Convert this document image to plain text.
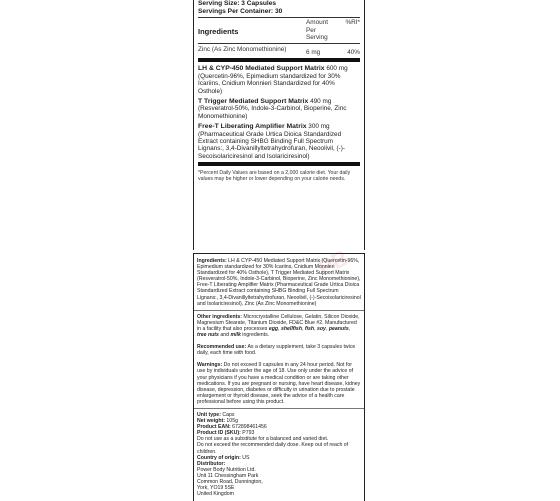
Serving Size: 3 Capsules
Servings Per Container: 30
Ingredients
Amount Per Serving
%RI*
Zinc (As Zinc Monomethionine)	6 mg	40%
LH & CYP-450 Mediated Support Matrix 600 mg
(Quercetin-96%, Epimedium standardized for 30% Icariins, Cnidium Monnieri Standardized for 40% Osthole)
T Trigger Mediated Support Matrix 490 mg
(Resveratrol-50%, Indole-3-Carbinol, Bioperine, Zinc Monomethionine)
Free-T Liberating Amplifier Matrix 300 mg
(Pharmaceutical Grade Urtica Dioica Standardized Extract containing SHBG Binding Full Spectrum Lignans:, 3,4-Divanillyltetrahydrofuran, Neoolivil, (-)-Secoisolariciresinol and Isolariciresinol)
*Percent Daily Values are based on a 2,000 calorie diet. Your daily values may be higher or lower depending on your calorie needs.
PB

Ingredients: LH & CYP-450 Mediated Support Matrix (Quercetin-96%, Epimedium standardized for 30% Icariins, Cnidium Monnieri Standardized for 40% Osthole), T Trigger Mediated Support Matrix (Resveratrol-50%, Indole-3-Carbinol, Bioperine, Zinc Monomethionine), Free-T Liberating Amplifier Matrix (Pharmaceutical Grade Urtica Dioica Standardized Extract containing SHBG Binding Full Spectrum Lignans:, 3,4-Divanillyltetrahydrofuran, Neoolivil, (-)-Secoisolariciresinol and Isolariciresinol), Zinc (As Zinc Monomethionine)

Other ingredients: Microcrystalline Cellulose, Gelatin, Silicon Dioxide, Magnesium Stearate, Titanium Dioxide, FD&C Blue #2. Manufactured in a facility that also processes egg, shellfish, fish, soy, peanuts, tree nuts and milk ingredients.

Recommended use: As a dietary supplement, take 3 capsules twice daily, each time with food.

Warnings: Do not exceed 9 capsules in any 24 hour period. Not for use by individuals under the age of 18. Use only under the advice of your physicians if you have a medical condition or are taking other medications. If you are pregnant or nursing, have heart disease, kidney disease, depression, diabetes or difficulty in urination due to prostate enlargement or thyroid disease, seek the advice of a health care professional before using this product.

Unit type: Caps

Net weight: 105g

Product EAN: 672898461456

Product ID (SKU): P793

Do not use as a substitute for a balanced and varied diet.

Do not exceed the recommended daily dose. Keep out of reach of children.

Country of origin: US

Distributor:

Power Body Nutrition Ltd.

Unit 11 Chessingham Park

Common Road, Dunnington,

York, YO19 5SE

United Kingdom
